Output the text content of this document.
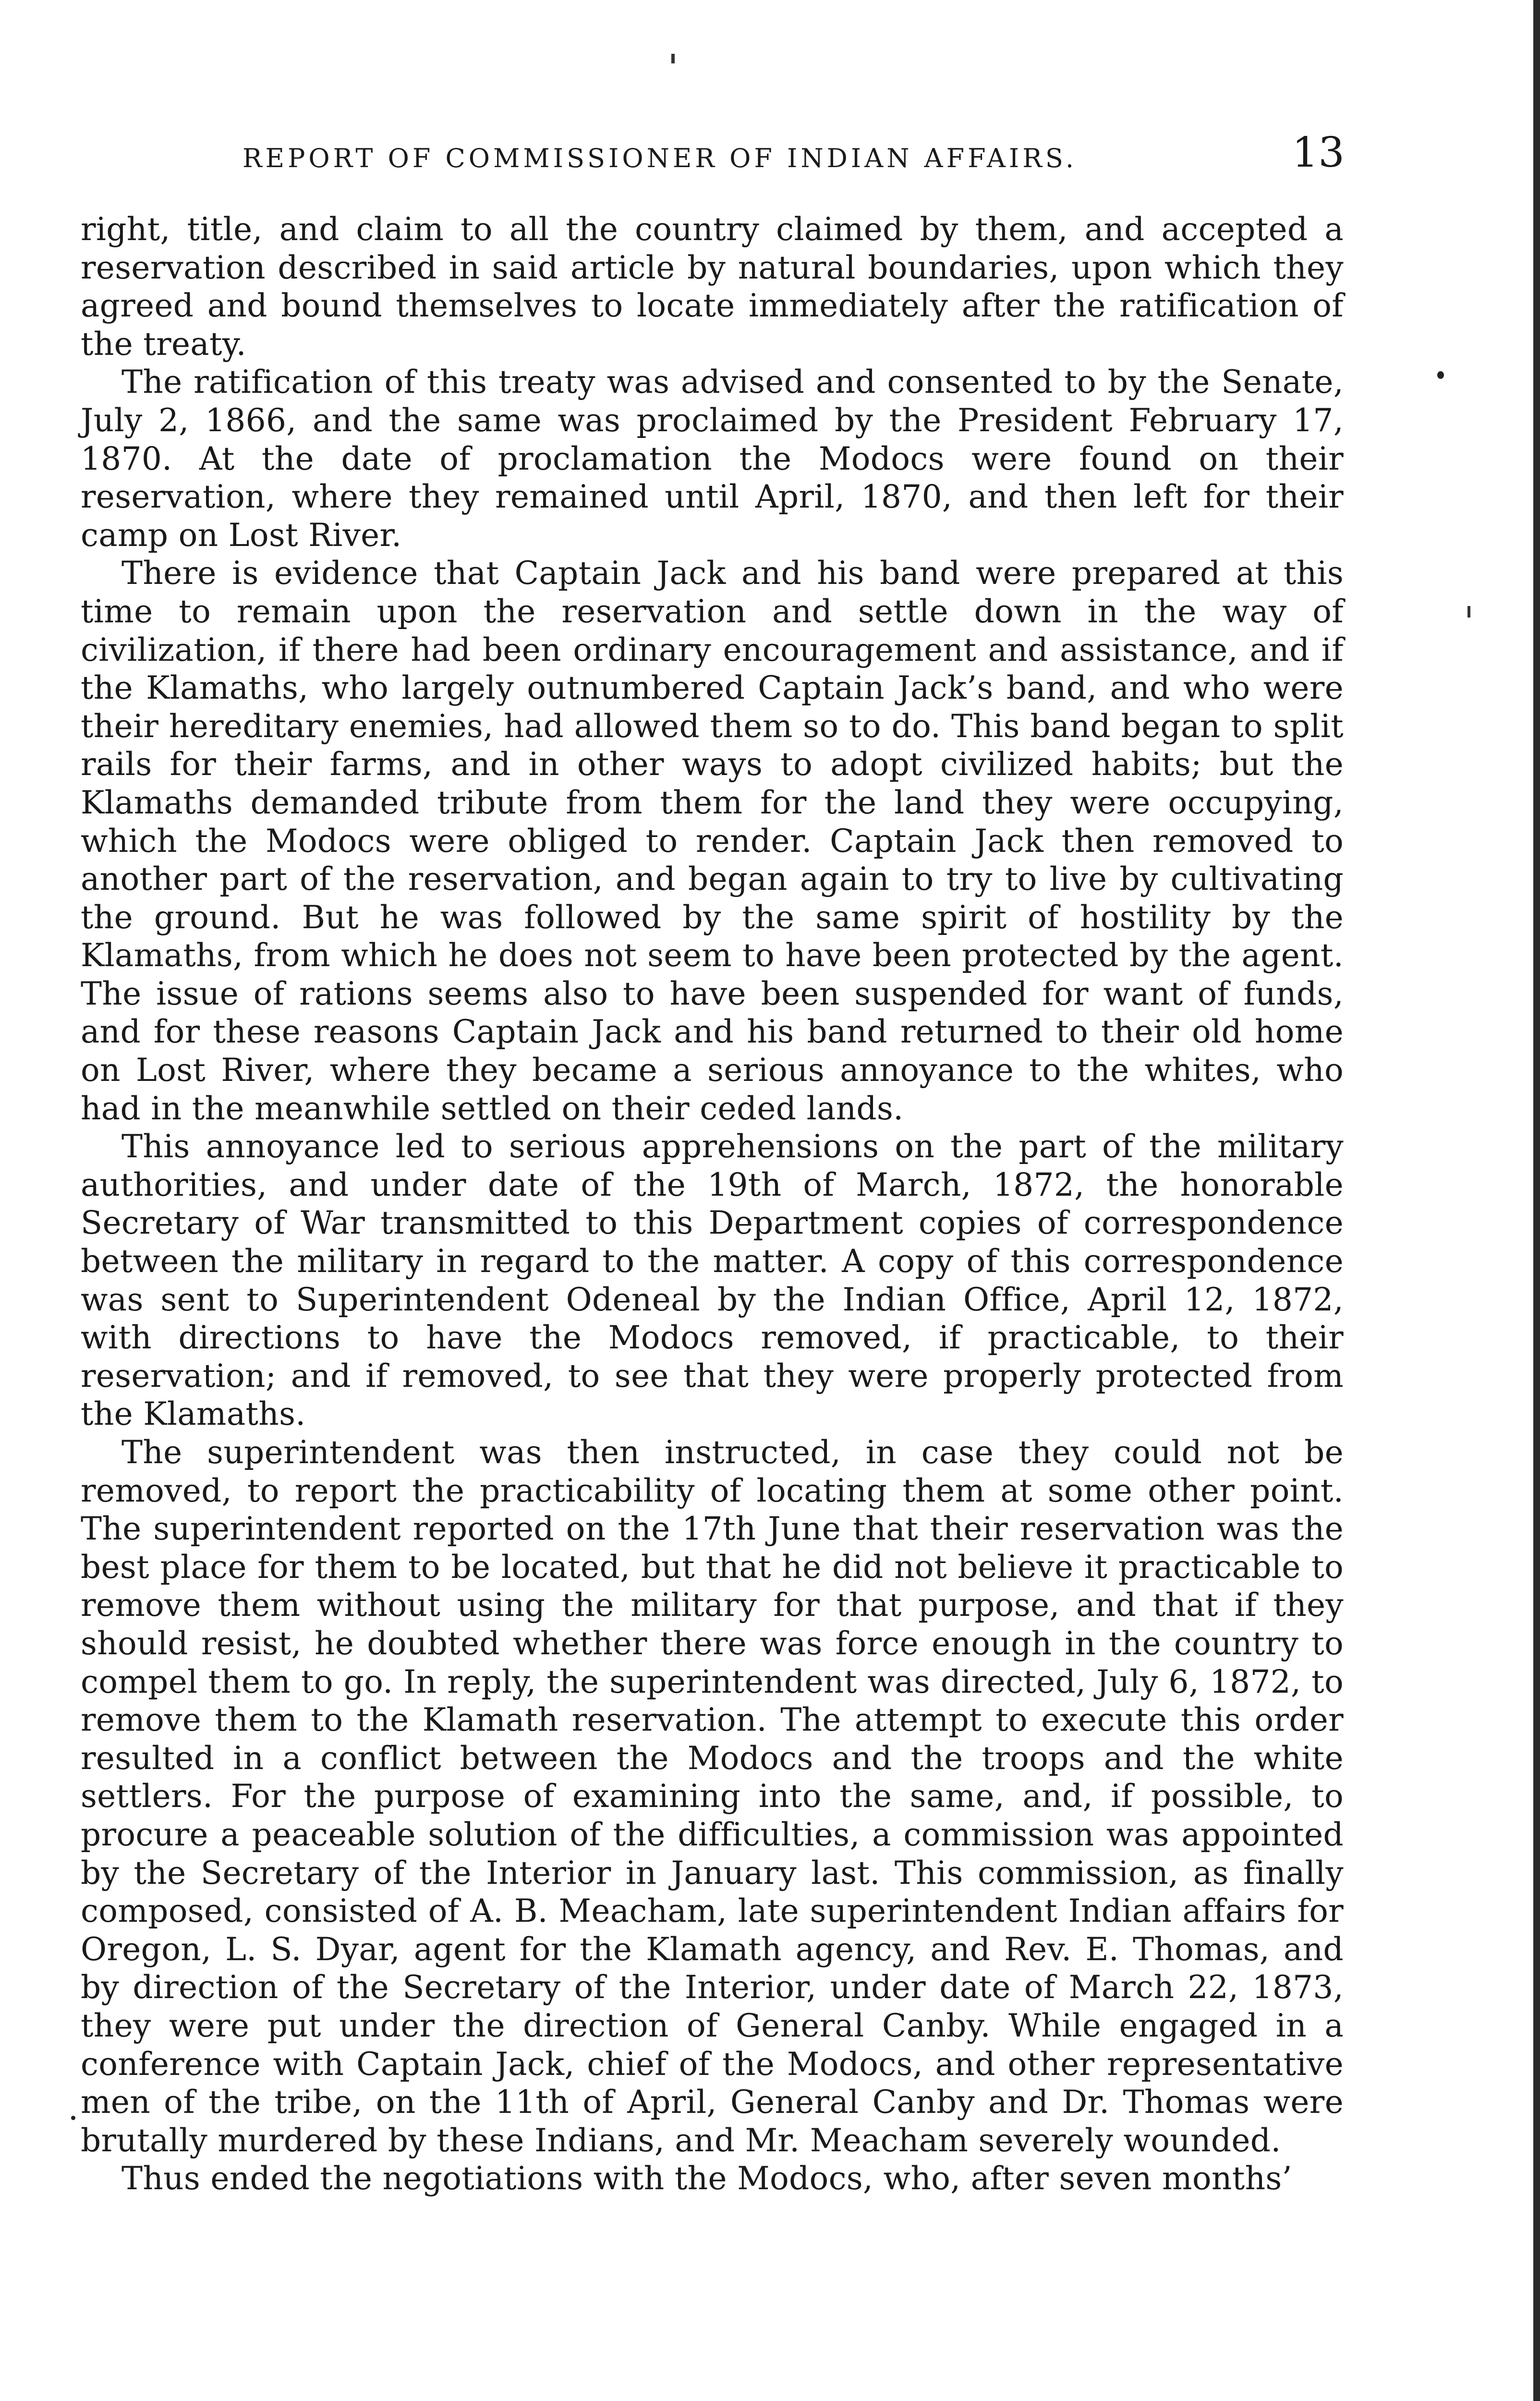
REPORT OF COMMISSIONER OF INDIAN AFFAIRS.	13

right, title, and claim to all the country claimed by them, and accepted a reservation described in said article by natural boundaries, upon which they agreed and bound themselves to locate immediately after the ratification of the treaty.

The ratification of this treaty was advised and consented to by the Senate, July 2, 1866, and the same was proclaimed by the President February 17, 1870. At the date of proclamation the Modocs were found on their reservation, where they remained until April, 1870, and then left for their camp on Lost River.

There is evidence that Captain Jack and his band were prepared at this time to remain upon the reservation and settle down in the way of civilization, if there had been ordinary encouragement and assistance, and if the Klamaths, who largely outnumbered Captain Jack’s band, and who were their hereditary enemies, had allowed them so to do. This band began to split rails for their farms, and in other ways to adopt civilized habits; but the Klamaths demanded tribute from them for the land they were occupying, which the Modocs were obliged to render. Captain Jack then removed to another part of the reservation, and began again to try to live by cultivating the ground. But he was followed by the same spirit of hostility by the Klamaths, from which he does not seem to have been protected by the agent. The issue of rations seems also to have been suspended for want of funds, and for these reasons Captain Jack and his band returned to their old home on Lost River, where they became a serious annoyance to the whites, who had in the meanwhile settled on their ceded lands.

This annoyance led to serious apprehensions on the part of the military authorities, and under date of the 19th of March, 1872, the honorable Secretary of War transmitted to this Department copies of correspondence between the military in regard to the matter. A copy of this correspondence was sent to Superintendent Odeneal by the Indian Office, April 12, 1872, with directions to have the Modocs removed, if practicable, to their reservation; and if removed, to see that they were properly protected from the Klamaths.

The superintendent was then instructed, in case they could not be removed, to report the practicability of locating them at some other point. The superintendent reported on the 17th June that their reservation was the best place for them to be located, but that he did not believe it practicable to remove them without using the military for that purpose, and that if they should resist, he doubted whether there was force enough in the country to compel them to go. In reply, the superintendent was directed, July 6, 1872, to remove them to the Klamath reservation. The attempt to execute this order resulted in a conflict between the Modocs and the troops and the white settlers. For the purpose of examining into the same, and, if possible, to procure a peaceable solution of the difficulties, a commission was appointed by the Secretary of the Interior in January last. This commission, as finally composed, consisted of A. B. Meacham, late superintendent Indian affairs for Oregon, L. S. Dyar, agent for the Klamath agency, and Rev. E. Thomas, and by direction of the Secretary of the Interior, under date of March 22, 1873, they were put under the direction of General Canby. While engaged in a conference with Captain Jack, chief of the Modocs, and other representative men of the tribe, on the 11th of April, General Canby and Dr. Thomas were brutally murdered by these Indians, and Mr. Meacham severely wounded.

Thus ended the negotiations with the Modocs, who, after seven months’
